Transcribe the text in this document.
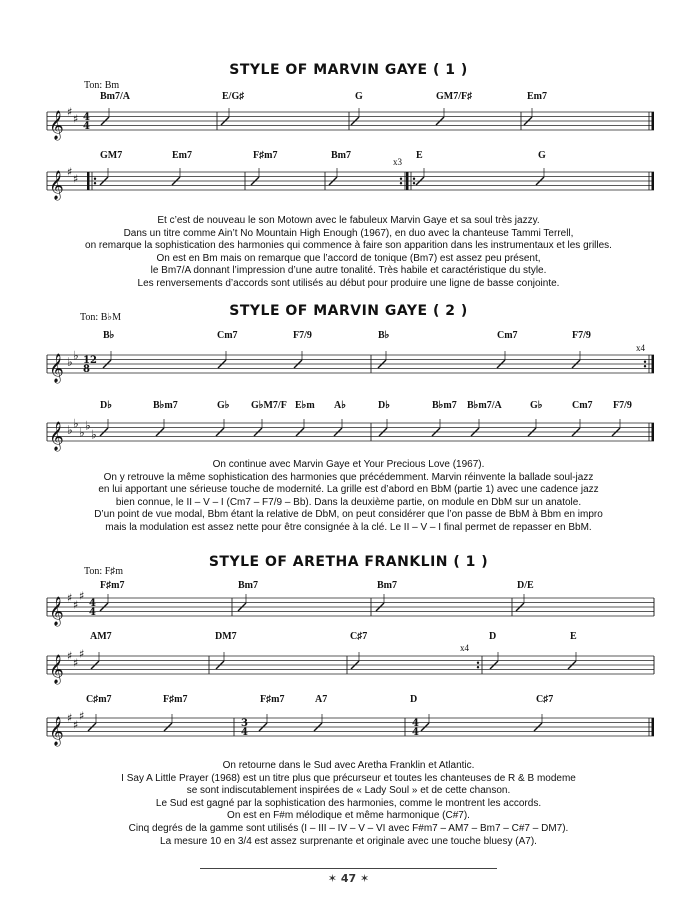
STYLE OF MARVIN GAYE ( 1 )
Ton: Bm
𝄞 ♯
♯ 4
4
Bm7/A	E/G♯	G	GM7/F♯	Em7
𝄞 ♯
♯
GM7	Em7	F♯m7	Bm7	E	G
x3
Et c’est de nouveau le son Motown avec le fabuleux Marvin Gaye et sa soul très jazzy.
Dans un titre comme Ain’t No Mountain High Enough (1967), en duo avec la chanteuse Tammi Terrell,
on remarque la sophistication des harmonies qui commence à faire son apparition dans les instrumentaux et les grilles.
On est en Bm mais on remarque que l’accord de tonique (Bm7) est assez peu présent,
le Bm7/A donnant l’impression d’une autre tonalité. Très habile et caractéristique du style.
Les renversements d’accords sont utilisés au début pour produire une ligne de basse conjointe.
STYLE OF MARVIN GAYE ( 2 )
Ton: B♭M
𝄞 ♭ ♭ 12
8
B♭	Cm7	F7/9	B♭	Cm7	F7/9
x4
𝄞 ♭ ♭
♭ ♭
♭
D♭	B♭m7	G♭ G♭M7/F E♭m A♭	D♭	B♭m7 B♭m7/A	G♭	Cm7 F7/9
On continue avec Marvin Gaye et Your Precious Love (1967).
On y retrouve la même sophistication des harmonies que précédemment. Marvin réinvente la ballade soul-jazz
en lui apportant une sérieuse touche de modernité. La grille est d’abord en BbM (partie 1) avec une cadence jazz
bien connue, le II – V – I (Cm7 – F7/9 – Bb). Dans la deuxième partie, on module en DbM sur un anatole.
D’un point de vue modal, Bbm étant la relative de DbM, on peut considérer que l’on passe de BbM à Bbm en impro
mais la modulation est assez nette pour être consignée à la clé. Le II – V – I final permet de repasser en BbM.
STYLE OF ARETHA FRANKLIN ( 1 )
Ton: F♯m
𝄞 ♯
♯
♯
4
4
F♯m7	Bm7	Bm7	D/E
𝄞 ♯
♯
♯
AM7	DM7	C♯7	D	E
x4
𝄞 ♯
♯
♯
3
4
4
4
C♯m7	F♯m7	F♯m7	A7	D	C♯7
On retourne dans le Sud avec Aretha Franklin et Atlantic.
I Say A Little Prayer (1968) est un titre plus que précurseur et toutes les chanteuses de R & B modeme
se sont indiscutablement inspirées de « Lady Soul » et de cette chanson.
Le Sud est gagné par la sophistication des harmonies, comme le montrent les accords.
On est en F#m mélodique et même harmonique (C#7).
Cinq degrés de la gamme sont utilisés (I – III – IV – V – VI avec F#m7 – AM7 – Bm7 – C#7 – DM7).
La mesure 10 en 3/4 est assez surprenante et originale avec une touche bluesy (A7).
✶ 47 ✶
